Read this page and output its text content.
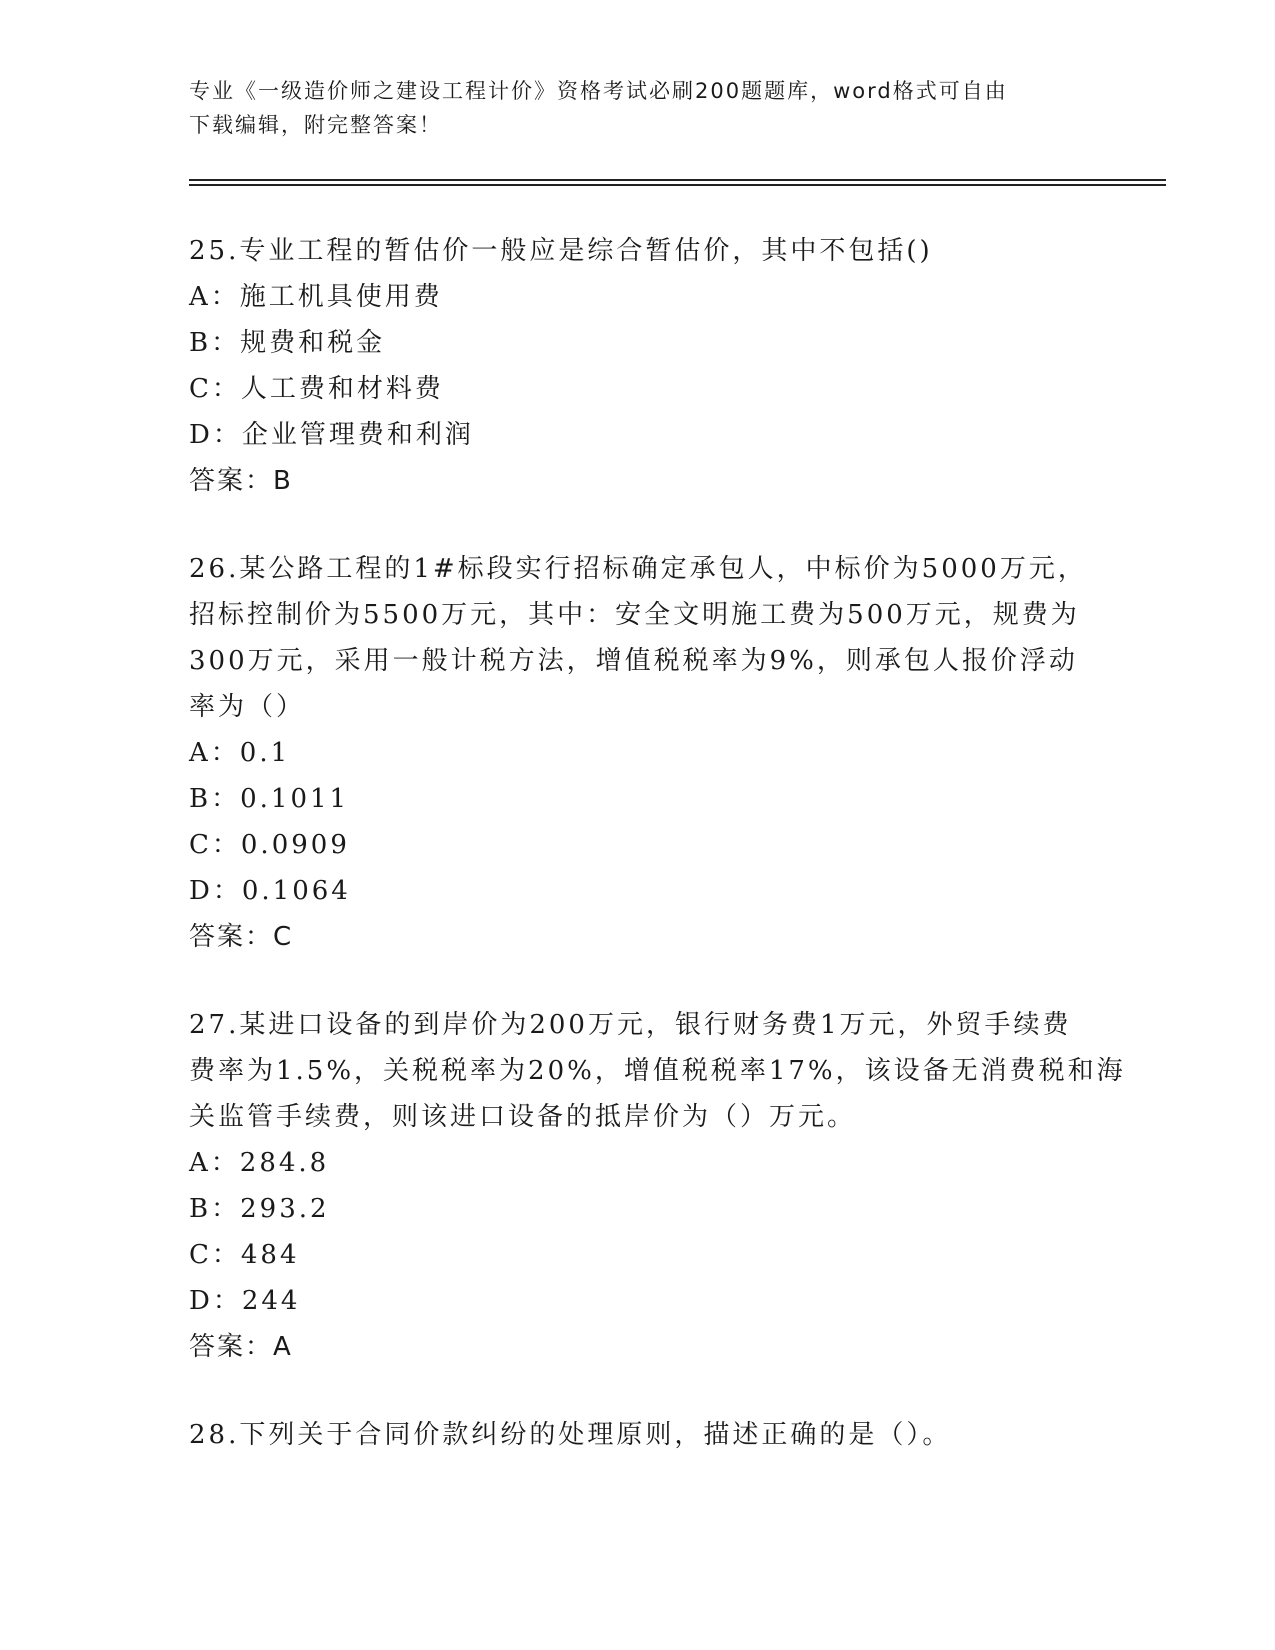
专业《一级造价师之建设工程计价》资格考试必刷200题题库，word格式可自由
下载编辑，附完整答案！
25.专业工程的暂估价一般应是综合暂估价，其中不包括()
A：施工机具使用费
B：规费和税金
C：人工费和材料费
D：企业管理费和利润
答案：B
26.某公路工程的1#标段实行招标确定承包人，中标价为5000万元，
招标控制价为5500万元，其中：安全文明施工费为500万元，规费为
300万元，采用一般计税方法，增值税税率为9%，则承包人报价浮动
率为（）
A：0.1
B：0.1011
C：0.0909
D：0.1064
答案：C
27.某进口设备的到岸价为200万元，银行财务费1万元，外贸手续费
费率为1.5%，关税税率为20%，增值税税率17%，该设备无消费税和海
关监管手续费，则该进口设备的抵岸价为（）万元。
A：284.8
B：293.2
C：484
D：244
答案：A
28.下列关于合同价款纠纷的处理原则，描述正确的是（）。
